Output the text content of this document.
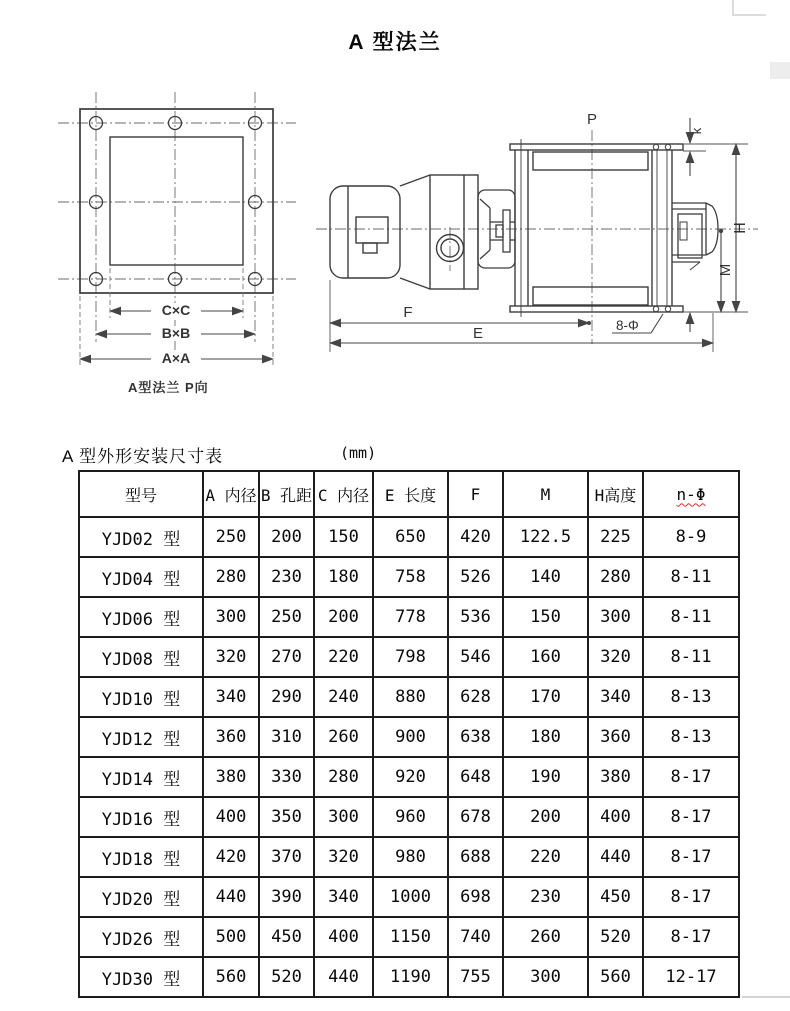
A 型法兰
C×C
B×B
A×A
A型法兰 P向
P
k
H
M
F
E	8-Φ
A 型外形安装尺寸表	(mm)
型号	A 内径	B 孔距	C 内径	E 长度	F	M	H高度	n-Φ
YJD02 型	250	200	150	650	420	122.5	225	8-9
YJD04 型	280	230	180	758	526	140	280	8-11
YJD06 型	300	250	200	778	536	150	300	8-11
YJD08 型	320	270	220	798	546	160	320	8-11
YJD10 型	340	290	240	880	628	170	340	8-13
YJD12 型	360	310	260	900	638	180	360	8-13
YJD14 型	380	330	280	920	648	190	380	8-17
YJD16 型	400	350	300	960	678	200	400	8-17
YJD18 型	420	370	320	980	688	220	440	8-17
YJD20 型	440	390	340	1000	698	230	450	8-17
YJD26 型	500	450	400	1150	740	260	520	8-17
YJD30 型	560	520	440	1190	755	300	560	12-17
